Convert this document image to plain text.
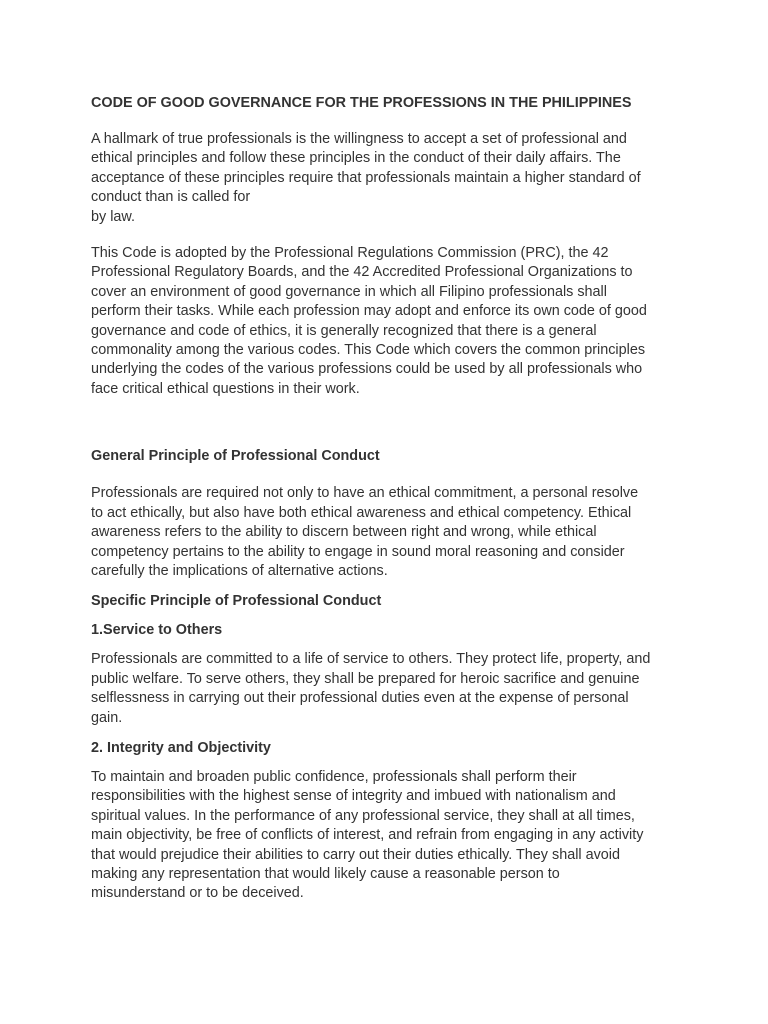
CODE OF GOOD GOVERNANCE FOR THE PROFESSIONS IN THE PHILIPPINES

A hallmark of true professionals is the willingness to accept a set of professional and
ethical principles and follow these principles in the conduct of their daily affairs. The
acceptance of these principles require that professionals maintain a higher standard of
conduct than is called for
by law.

This Code is adopted by the Professional Regulations Commission (PRC), the 42
Professional Regulatory Boards, and the 42 Accredited Professional Organizations to
cover an environment of good governance in which all Filipino professionals shall
perform their tasks. While each profession may adopt and enforce its own code of good
governance and code of ethics, it is generally recognized that there is a general
commonality among the various codes. This Code which covers the common principles
underlying the codes of the various professions could be used by all professionals who
face critical ethical questions in their work.

General Principle of Professional Conduct

Professionals are required not only to have an ethical commitment, a personal resolve
to act ethically, but also have both ethical awareness and ethical competency. Ethical
awareness refers to the ability to discern between right and wrong, while ethical
competency pertains to the ability to engage in sound moral reasoning and consider
carefully the implications of alternative actions.

Specific Principle of Professional Conduct
1.Service to Others

Professionals are committed to a life of service to others. They protect life, property, and
public welfare. To serve others, they shall be prepared for heroic sacrifice and genuine
selflessness in carrying out their professional duties even at the expense of personal
gain.

2. Integrity and Objectivity

To maintain and broaden public confidence, professionals shall perform their
responsibilities with the highest sense of integrity and imbued with nationalism and
spiritual values. In the performance of any professional service, they shall at all times,
main objectivity, be free of conflicts of interest, and refrain from engaging in any activity
that would prejudice their abilities to carry out their duties ethically. They shall avoid
making any representation that would likely cause a reasonable person to
misunderstand or to be deceived.
